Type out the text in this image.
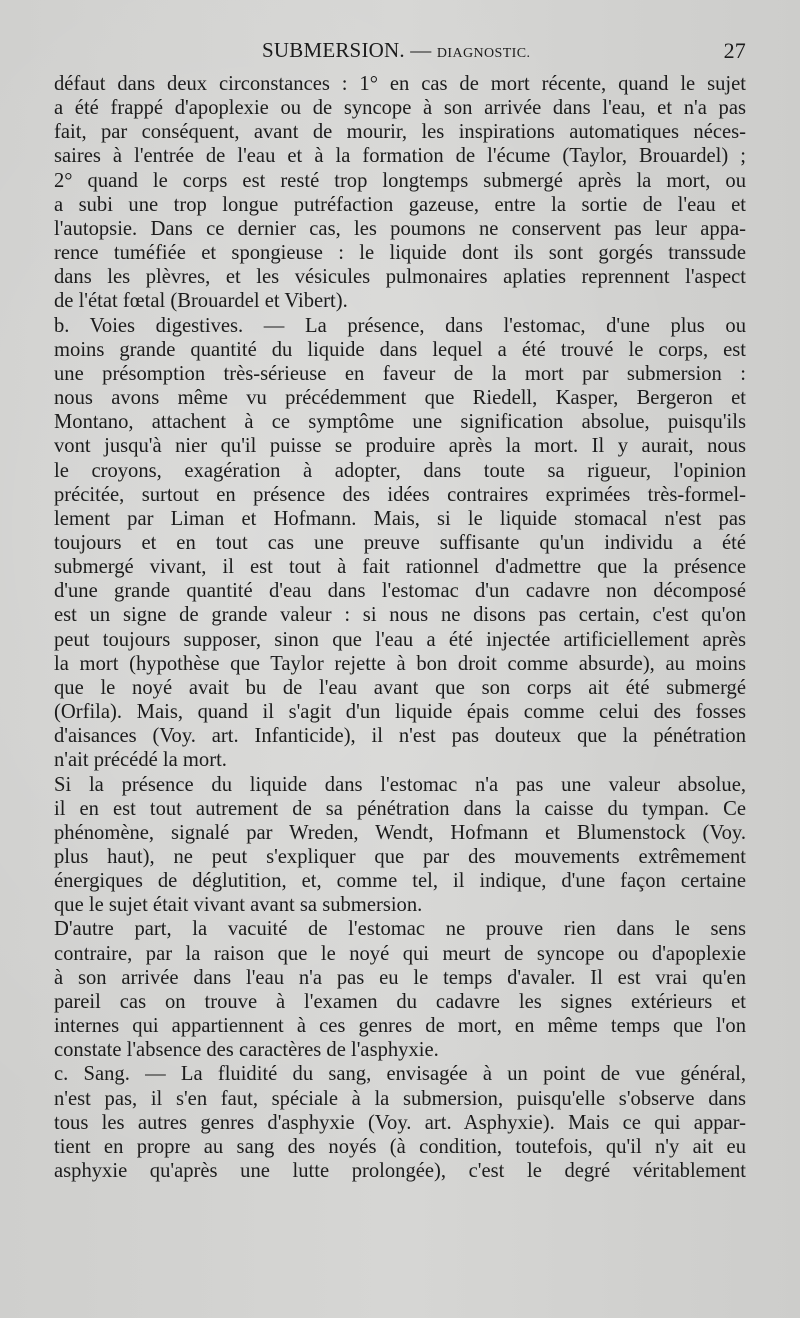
SUBMERSION. — DIAGNOSTIC.	27
défaut dans deux circonstances : 1° en cas de mort récente, quand le sujet
a été frappé d'apoplexie ou de syncope à son arrivée dans l'eau, et n'a pas
fait, par conséquent, avant de mourir, les inspirations automatiques néces-
saires à l'entrée de l'eau et à la formation de l'écume (Taylor, Brouardel) ;
2° quand le corps est resté trop longtemps submergé après la mort, ou
a subi une trop longue putréfaction gazeuse, entre la sortie de l'eau et
l'autopsie. Dans ce dernier cas, les poumons ne conservent pas leur appa-
rence tuméfiée et spongieuse : le liquide dont ils sont gorgés transsude
dans les plèvres, et les vésicules pulmonaires aplaties reprennent l'aspect
de l'état fœtal (Brouardel et Vibert).
b. Voies digestives. — La présence, dans l'estomac, d'une plus ou
moins grande quantité du liquide dans lequel a été trouvé le corps, est
une présomption très-sérieuse en faveur de la mort par submersion :
nous avons même vu précédemment que Riedell, Kasper, Bergeron et
Montano, attachent à ce symptôme une signification absolue, puisqu'ils
vont jusqu'à nier qu'il puisse se produire après la mort. Il y aurait, nous
le croyons, exagération à adopter, dans toute sa rigueur, l'opinion
précitée, surtout en présence des idées contraires exprimées très-formel-
lement par Liman et Hofmann. Mais, si le liquide stomacal n'est pas
toujours et en tout cas une preuve suffisante qu'un individu a été
submergé vivant, il est tout à fait rationnel d'admettre que la présence
d'une grande quantité d'eau dans l'estomac d'un cadavre non décomposé
est un signe de grande valeur : si nous ne disons pas certain, c'est qu'on
peut toujours supposer, sinon que l'eau a été injectée artificiellement après
la mort (hypothèse que Taylor rejette à bon droit comme absurde), au moins
que le noyé avait bu de l'eau avant que son corps ait été submergé
(Orfila). Mais, quand il s'agit d'un liquide épais comme celui des fosses
d'aisances (Voy. art. Infanticide), il n'est pas douteux que la pénétration
n'ait précédé la mort.
Si la présence du liquide dans l'estomac n'a pas une valeur absolue,
il en est tout autrement de sa pénétration dans la caisse du tympan. Ce
phénomène, signalé par Wreden, Wendt, Hofmann et Blumenstock (Voy.
plus haut), ne peut s'expliquer que par des mouvements extrêmement
énergiques de déglutition, et, comme tel, il indique, d'une façon certaine
que le sujet était vivant avant sa submersion.
D'autre part, la vacuité de l'estomac ne prouve rien dans le sens
contraire, par la raison que le noyé qui meurt de syncope ou d'apoplexie
à son arrivée dans l'eau n'a pas eu le temps d'avaler. Il est vrai qu'en
pareil cas on trouve à l'examen du cadavre les signes extérieurs et
internes qui appartiennent à ces genres de mort, en même temps que l'on
constate l'absence des caractères de l'asphyxie.
c. Sang. — La fluidité du sang, envisagée à un point de vue général,
n'est pas, il s'en faut, spéciale à la submersion, puisqu'elle s'observe dans
tous les autres genres d'asphyxie (Voy. art. Asphyxie). Mais ce qui appar-
tient en propre au sang des noyés (à condition, toutefois, qu'il n'y ait eu
asphyxie qu'après une lutte prolongée), c'est le degré véritablement
